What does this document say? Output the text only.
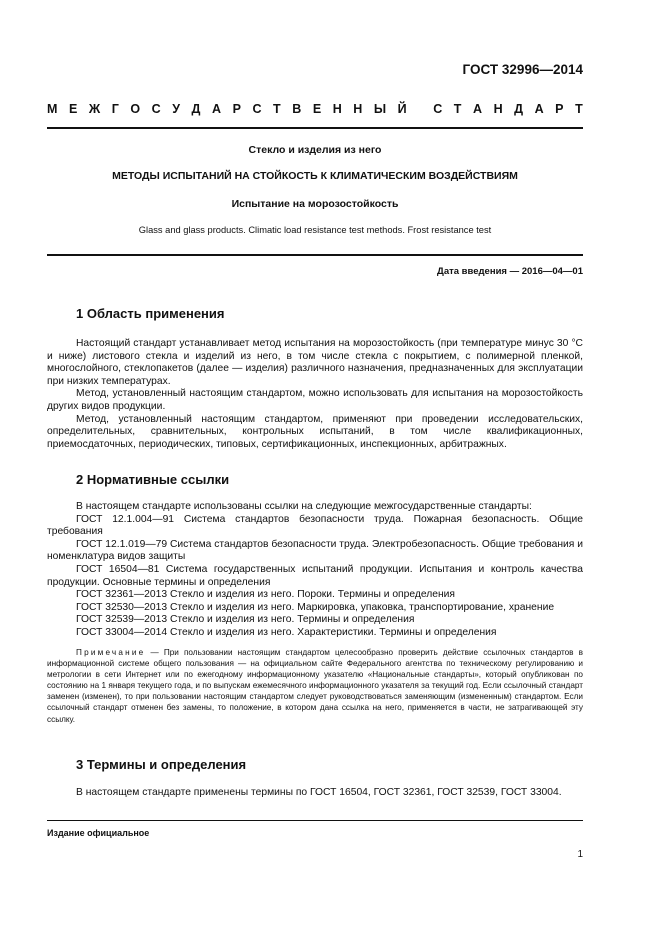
ГОСТ 32996—2014
М Е Ж Г О С У Д А Р С Т В Е Н Н Ы Й
С Т А Н Д А Р Т
Стекло и изделия из него
МЕТОДЫ ИСПЫТАНИЙ НА СТОЙКОСТЬ К КЛИМАТИЧЕСКИМ ВОЗДЕЙСТВИЯМ
Испытание на морозостойкость
Glass and glass products. Climatic load resistance test methods. Frost resistance test
Дата введения — 2016—04—01
1 Область применения

Настоящий стандарт устанавливает метод испытания на морозостойкость (при температуре минус 30 °С и ниже) листового стекла и изделий из него, в том числе стекла с покрытием, с полимерной пленкой, многослойного, стеклопакетов (далее — изделия) различного назначения, предназначенных для эксплуатации при низких температурах.

Метод, установленный настоящим стандартом, можно использовать для испытания на морозостойкость других видов продукции.

Метод, установленный настоящим стандартом, применяют при проведении исследовательских, определительных, сравнительных, контрольных испытаний, в том числе квалификационных, приемосдаточных, периодических, типовых, сертификационных, инспекционных, арбитражных.

2 Нормативные ссылки

В настоящем стандарте использованы ссылки на следующие межгосударственные стандарты:

ГОСТ 12.1.004—91 Система стандартов безопасности труда. Пожарная безопасность. Общие требования

ГОСТ 12.1.019—79 Система стандартов безопасности труда. Электробезопасность. Общие требования и номенклатура видов защиты

ГОСТ 16504—81 Система государственных испытаний продукции. Испытания и контроль качества продукции. Основные термины и определения

ГОСТ 32361—2013 Стекло и изделия из него. Пороки. Термины и определения

ГОСТ 32530—2013 Стекло и изделия из него. Маркировка, упаковка, транспортирование, хранение

ГОСТ 32539—2013 Стекло и изделия из него. Термины и определения

ГОСТ 33004—2014 Стекло и изделия из него. Характеристики. Термины и определения

Примечание — При пользовании настоящим стандартом целесообразно проверить действие ссылочных стандартов в информационной системе общего пользования — на официальном сайте Федерального агентства по техническому регулированию и метрологии в сети Интернет или по ежегодному информационному указателю «Национальные стандарты», который опубликован по состоянию на 1 января текущего года, и по выпускам ежемесячного информационного указателя за текущий год. Если ссылочный стандарт заменен (изменен), то при пользовании настоящим стандартом следует руководствоваться заменяющим (измененным) стандартом. Если ссылочный стандарт отменен без замены, то положение, в котором дана ссылка на него, применяется в части, не затрагивающей эту ссылку.

3 Термины и определения

В настоящем стандарте применены термины по ГОСТ 16504, ГОСТ 32361, ГОСТ 32539, ГОСТ 33004.

Издание официальное
1
